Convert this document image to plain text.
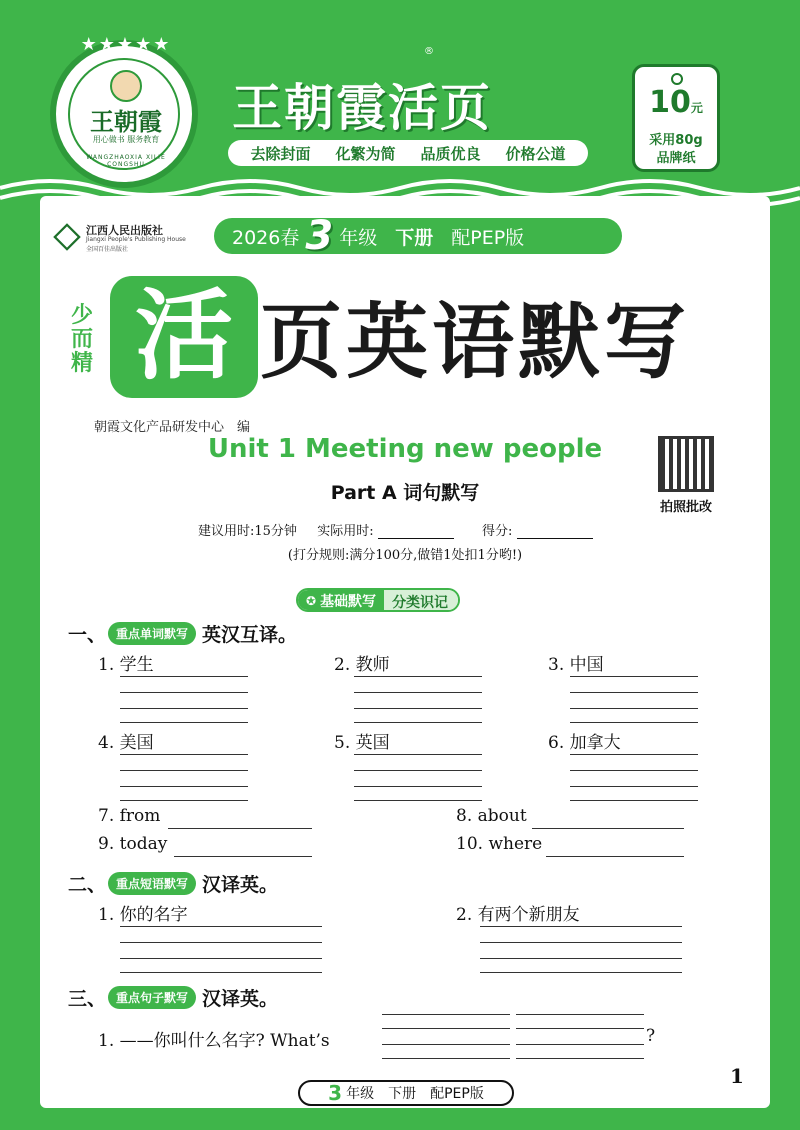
王朝霞
用心做书 服务教育
WANGZHAOXIA XILIE CONGSHU
★★★★★
王朝霞活页
®
去除封面 化繁为简 品质优良 价格公道
10元
采用80g
品牌纸
江西人民出版社
Jiangxi People's Publishing House
全国百佳出版社
2026春 3 年级 下册 配PEP版
少
而
精 活 页英语默写
朝霞文化产品研发中心　编
Unit 1 Meeting new people
Part A 词句默写
拍照批改
建议用时:15分钟 实际用时:	得分:
(打分规则:满分100分,做错1处扣1分哟!)
✪ 基础默写	分类识记
一、 重点单词默写 英汉互译。
1. 学生	2. 教师	3. 中国
4. 美国	5. 英国	6. 加拿大
7. from	8. about
9. today	10. where
二、 重点短语默写 汉译英。
1. 你的名字	2. 有两个新朋友
三、 重点句子默写 汉译英。
1. ——你叫什么名字? What’s	?
3 年级 下册 配PEP版
1
